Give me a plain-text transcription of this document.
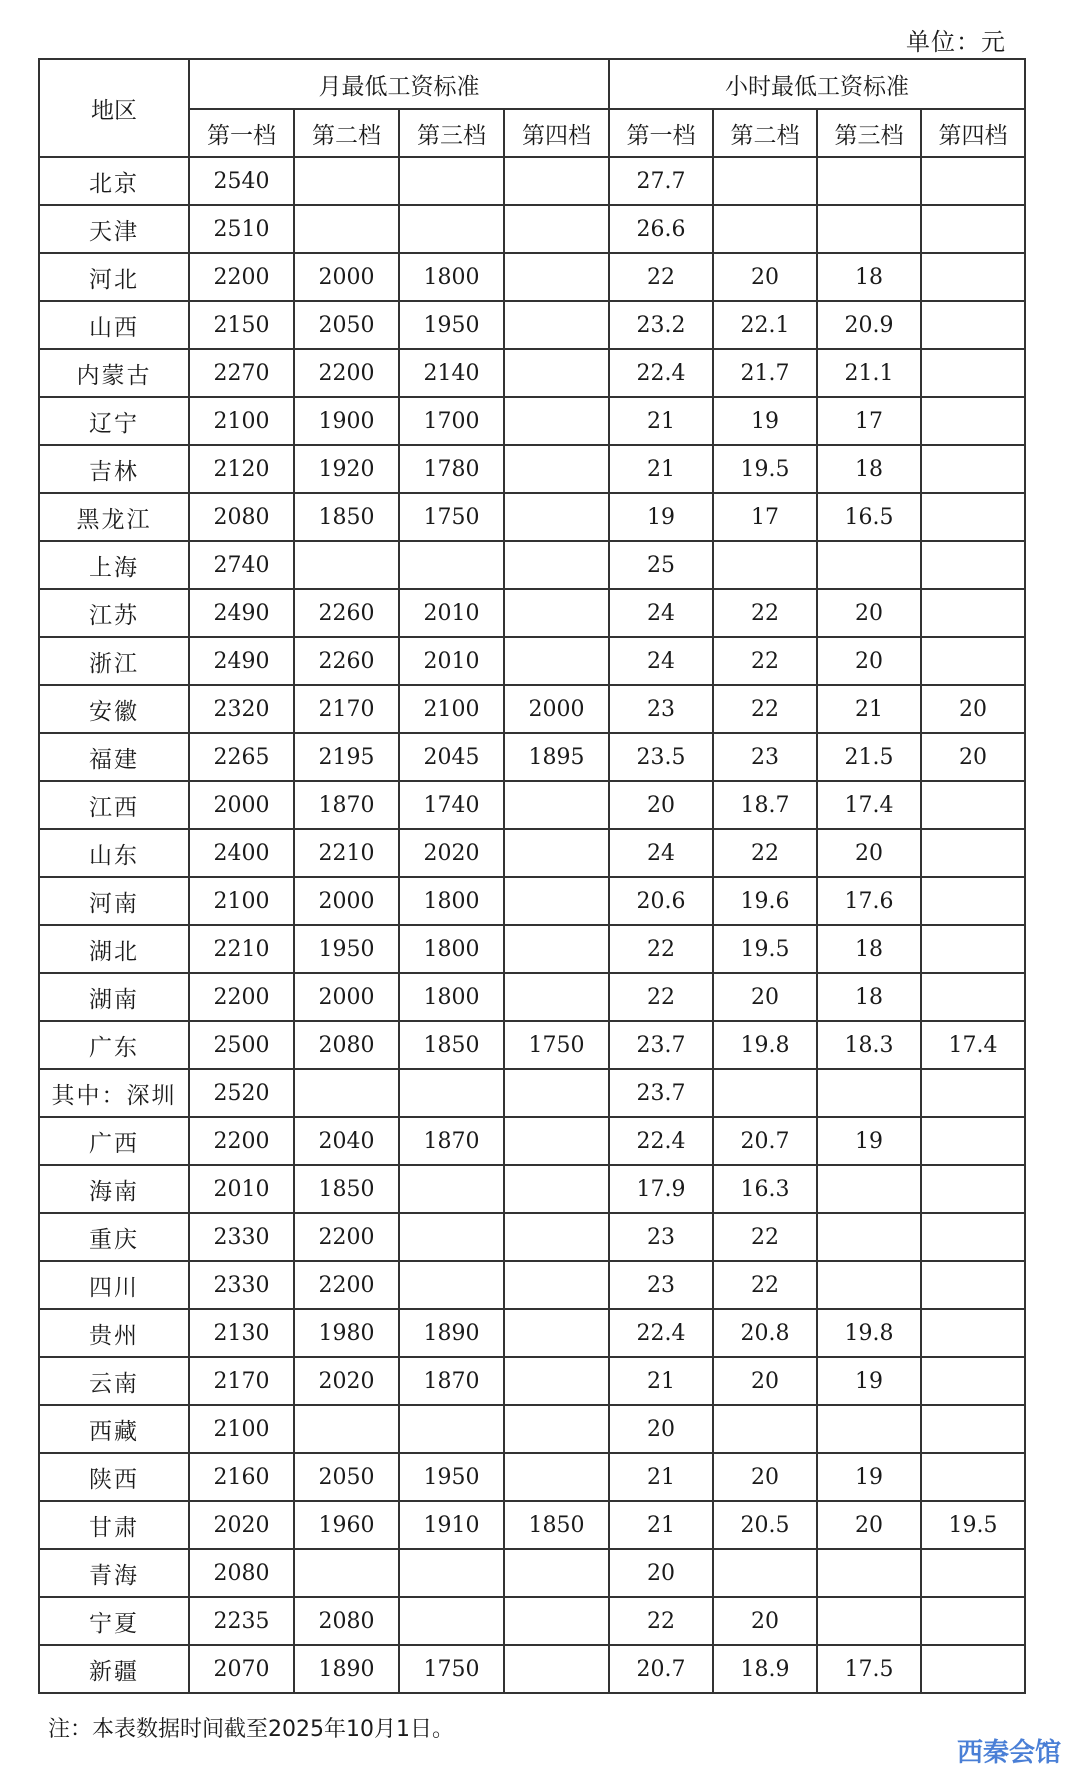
单位：元
地区	月最低工资标准				小时最低工资标准			
	第一档	第二档	第三档	第四档	第一档	第二档	第三档	第四档
北京	2540				27.7			
天津	2510				26.6			
河北	2200	2000	1800		22	20	18	
山西	2150	2050	1950		23.2	22.1	20.9	
内蒙古	2270	2200	2140		22.4	21.7	21.1	
辽宁	2100	1900	1700		21	19	17	
吉林	2120	1920	1780		21	19.5	18	
黑龙江	2080	1850	1750		19	17	16.5	
上海	2740				25			
江苏	2490	2260	2010		24	22	20	
浙江	2490	2260	2010		24	22	20	
安徽	2320	2170	2100	2000	23	22	21	20
福建	2265	2195	2045	1895	23.5	23	21.5	20
江西	2000	1870	1740		20	18.7	17.4	
山东	2400	2210	2020		24	22	20	
河南	2100	2000	1800		20.6	19.6	17.6	
湖北	2210	1950	1800		22	19.5	18	
湖南	2200	2000	1800		22	20	18	
广东	2500	2080	1850	1750	23.7	19.8	18.3	17.4
其中：深圳	2520				23.7			
广西	2200	2040	1870		22.4	20.7	19	
海南	2010	1850			17.9	16.3		
重庆	2330	2200			23	22		
四川	2330	2200			23	22		
贵州	2130	1980	1890		22.4	20.8	19.8	
云南	2170	2020	1870		21	20	19	
西藏	2100				20			
陕西	2160	2050	1950		21	20	19	
甘肃	2020	1960	1910	1850	21	20.5	20	19.5
青海	2080				20			
宁夏	2235	2080			22	20		
新疆	2070	1890	1750		20.7	18.9	17.5	
注：本表数据时间截至2025年10月1日。
西秦会馆
